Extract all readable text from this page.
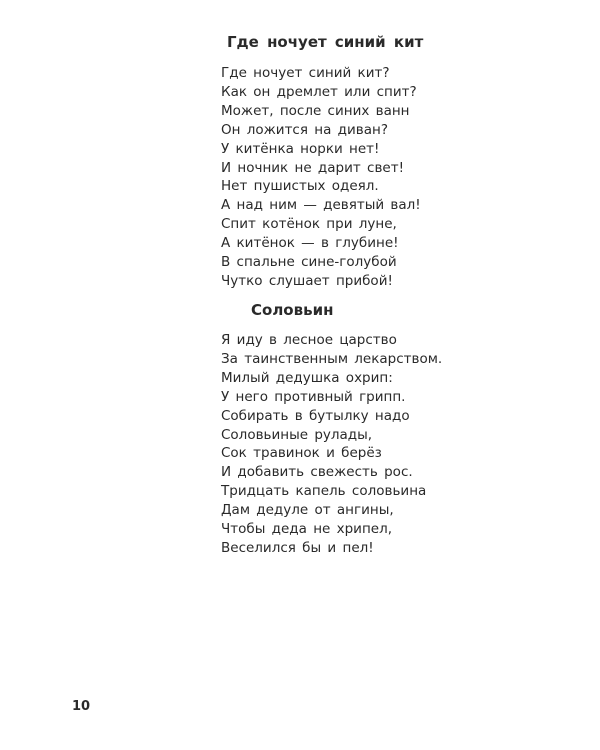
Где ночует синий кит
Где ночует синий кит?
Как он дремлет или спит?
Может, после синих ванн
Он ложится на диван?
У китёнка норки нет!
И ночник не дарит свет!
Нет пушистых одеял.
А над ним — девятый вал!
Спит котёнок при луне,
А китёнок — в глубине!
В спальне сине-голубой
Чутко слушает прибой!
Соловьин
Я иду в лесное царство
За таинственным лекарством.
Милый дедушка охрип:
У него противный грипп.
Собирать в бутылку надо
Соловьиные рулады,
Сок травинок и берёз
И добавить свежесть рос.
Тридцать капель соловьина
Дам дедуле от ангины,
Чтобы деда не хрипел,
Веселился бы и пел!
10
